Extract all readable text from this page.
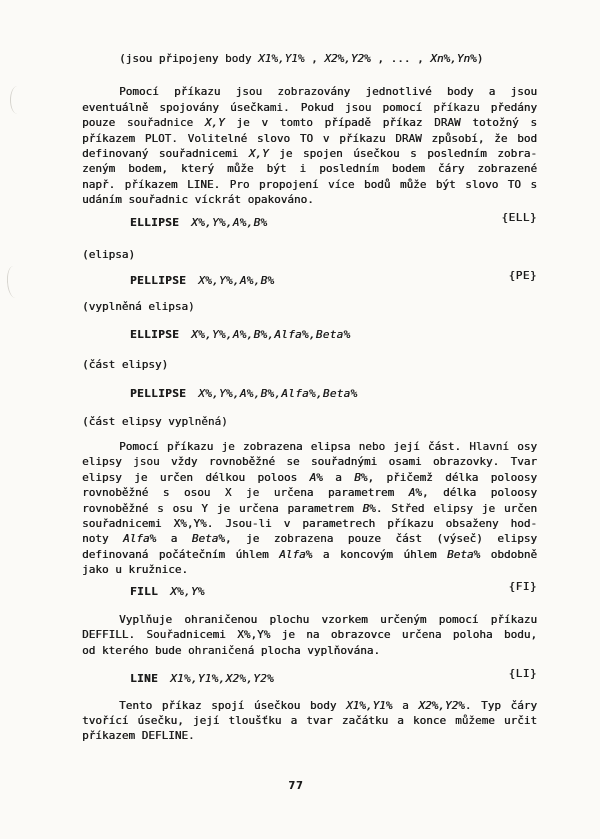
(jsou připojeny body X1%,Y1% , X2%,Y2% , ... , Xn%,Yn%)
Pomocí příkazu jsou zobrazovány jednotlivé body a jsou
eventuálně spojovány úsečkami. Pokud jsou pomocí příkazu předány
pouze souřadnice X,Y je v tomto případě příkaz DRAW totožný s
příkazem PLOT. Volitelné slovo TO v příkazu DRAW způsobí, že bod
definovaný souřadnicemi X,Y je spojen úsečkou s posledním zobra-
zeným bodem, který může být i posledním bodem čáry zobrazené
např. příkazem LINE. Pro propojení více bodů může být slovo TO s
udáním souřadnic víckrát opakováno.
{ELL}
ELLIPSE X%,Y%,A%,B%
(elipsa)
{PE}
PELLIPSE X%,Y%,A%,B%
(vyplněná elipsa)
ELLIPSE X%,Y%,A%,B%,Alfa%,Beta%
(část elipsy)
PELLIPSE X%,Y%,A%,B%,Alfa%,Beta%
(část elipsy vyplněná)
Pomocí příkazu je zobrazena elipsa nebo její část. Hlavní osy
elipsy jsou vždy rovnoběžné se souřadnými osami obrazovky. Tvar
elipsy je určen délkou poloos A% a B%, přičemž délka poloosy
rovnoběžné s osou X je určena parametrem A%, délka poloosy
rovnoběžné s osu Y je určena parametrem B%. Střed elipsy je určen
souřadnicemi X%,Y%. Jsou-li v parametrech příkazu obsaženy hod-
noty Alfa% a Beta%, je zobrazena pouze část (výseč) elipsy
definovaná počátečním úhlem Alfa% a koncovým úhlem Beta% obdobně
jako u kružnice.
{FI}
FILL X%,Y%
Vyplňuje ohraničenou plochu vzorkem určeným pomocí příkazu
DEFFILL. Souřadnicemi X%,Y% je na obrazovce určena poloha bodu,
od kterého bude ohraničená plocha vyplňována.
{LI}
LINE X1%,Y1%,X2%,Y2%
Tento příkaz spojí úsečkou body X1%,Y1% a X2%,Y2%. Typ čáry
tvořící úsečku, její tloušťku a tvar začátku a konce můžeme určit
příkazem DEFLINE.
77
